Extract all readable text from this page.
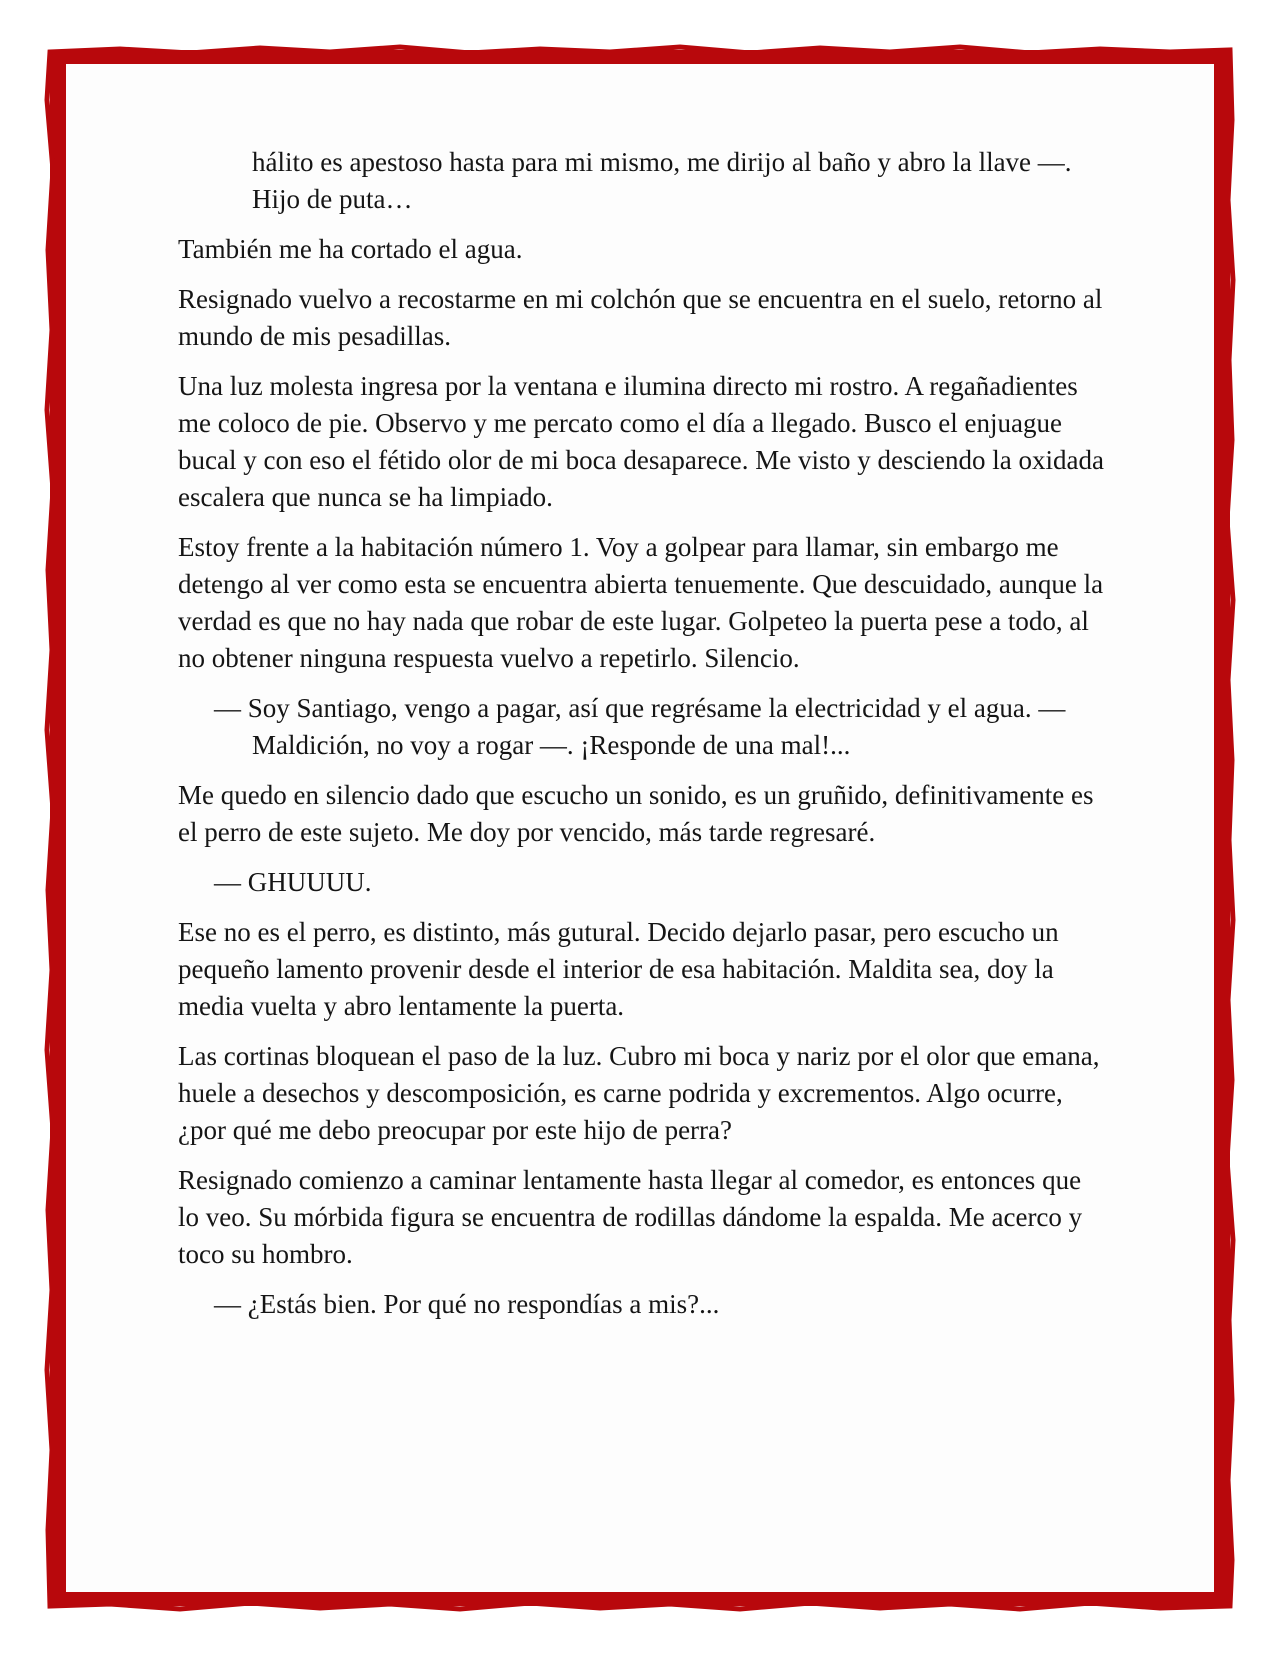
hálito es apestoso hasta para mi mismo, me dirijo al baño y abro la llave —. Hijo de puta…

También me ha cortado el agua.

Resignado vuelvo a recostarme en mi colchón que se encuentra en el suelo, retorno al mundo de mis pesadillas.

Una luz molesta ingresa por la ventana e ilumina directo mi rostro. A regañadientes me coloco de pie. Observo y me percato como el día a llegado. Busco el enjuague bucal y con eso el fétido olor de mi boca desaparece. Me visto y desciendo la oxidada escalera que nunca se ha limpiado.

Estoy frente a la habitación número 1. Voy a golpear para llamar, sin embargo me detengo al ver como esta se encuentra abierta tenuemente. Que descuidado, aunque la verdad es que no hay nada que robar de este lugar. Golpeteo la puerta pese a todo, al no obtener ninguna respuesta vuelvo a repetirlo. Silencio.

— Soy Santiago, vengo a pagar, así que regrésame la electricidad y el agua. —Maldición, no voy a rogar —. ¡Responde de una mal!...

Me quedo en silencio dado que escucho un sonido, es un gruñido, definitivamente es el perro de este sujeto. Me doy por vencido, más tarde regresaré.

— GHUUUU.

Ese no es el perro, es distinto, más gutural. Decido dejarlo pasar, pero escucho un pequeño lamento provenir desde el interior de esa habitación. Maldita sea, doy la media vuelta y abro lentamente la puerta.

Las cortinas bloquean el paso de la luz. Cubro mi boca y nariz por el olor que emana, huele a desechos y descomposición, es carne podrida y excrementos. Algo ocurre, ¿por qué me debo preocupar por este hijo de perra?

Resignado comienzo a caminar lentamente hasta llegar al comedor, es entonces que lo veo. Su mórbida figura se encuentra de rodillas dándome la espalda. Me acerco y toco su hombro.

— ¿Estás bien. Por qué no respondías a mis?...
